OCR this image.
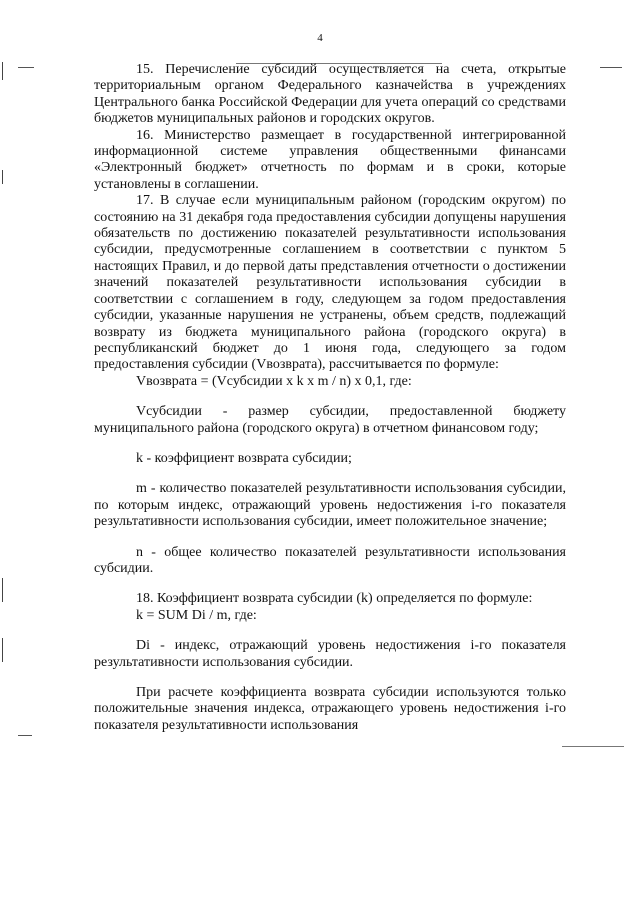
4

15. Перечисление субсидий осуществляется на счета, открытые территориальным органом Федерального казначейства в учреждениях Центрального банка Российской Федерации для учета операций со средствами бюджетов муниципальных районов и городских округов.

16. Министерство размещает в государственной интегрированной информационной системе управления общественными финансами «Электронный бюджет» отчетность по формам и в сроки, которые установлены в соглашении.

17. В случае если муниципальным районом (городским округом) по состоянию на 31 декабря года предоставления субсидии допущены нарушения обязательств по достижению показателей результативности использования субсидии, предусмотренные соглашением в соответствии с пунктом 5 настоящих Правил, и до первой даты представления отчетности о достижении значений показателей результативности использования субсидии в соответствии с соглашением в году, следующем за годом предоставления субсидии, указанные нарушения не устранены, объем средств, подлежащий возврату из бюджета муниципального района (городского округа) в республиканский бюджет до 1 июня года, следующего за годом предоставления субсидии (Vвозврата), рассчитывается по формуле:

Vвозврата = (Vсубсидии x k x m / n) x 0,1, где:

Vсубсидии - размер субсидии, предоставленной бюджету муниципального района (городского округа) в отчетном финансовом году;

k - коэффициент возврата субсидии;

m - количество показателей результативности использования субсидии, по которым индекс, отражающий уровень недостижения i-го показателя результативности использования субсидии, имеет положительное значение;

n - общее количество показателей результативности использования субсидии.

18. Коэффициент возврата субсидии (k) определяется по формуле:

k = SUM Di / m, где:

Di - индекс, отражающий уровень недостижения i-го показателя результативности использования субсидии.

При расчете коэффициента возврата субсидии используются только положительные значения индекса, отражающего уровень недостижения i-го показателя результативности использования
